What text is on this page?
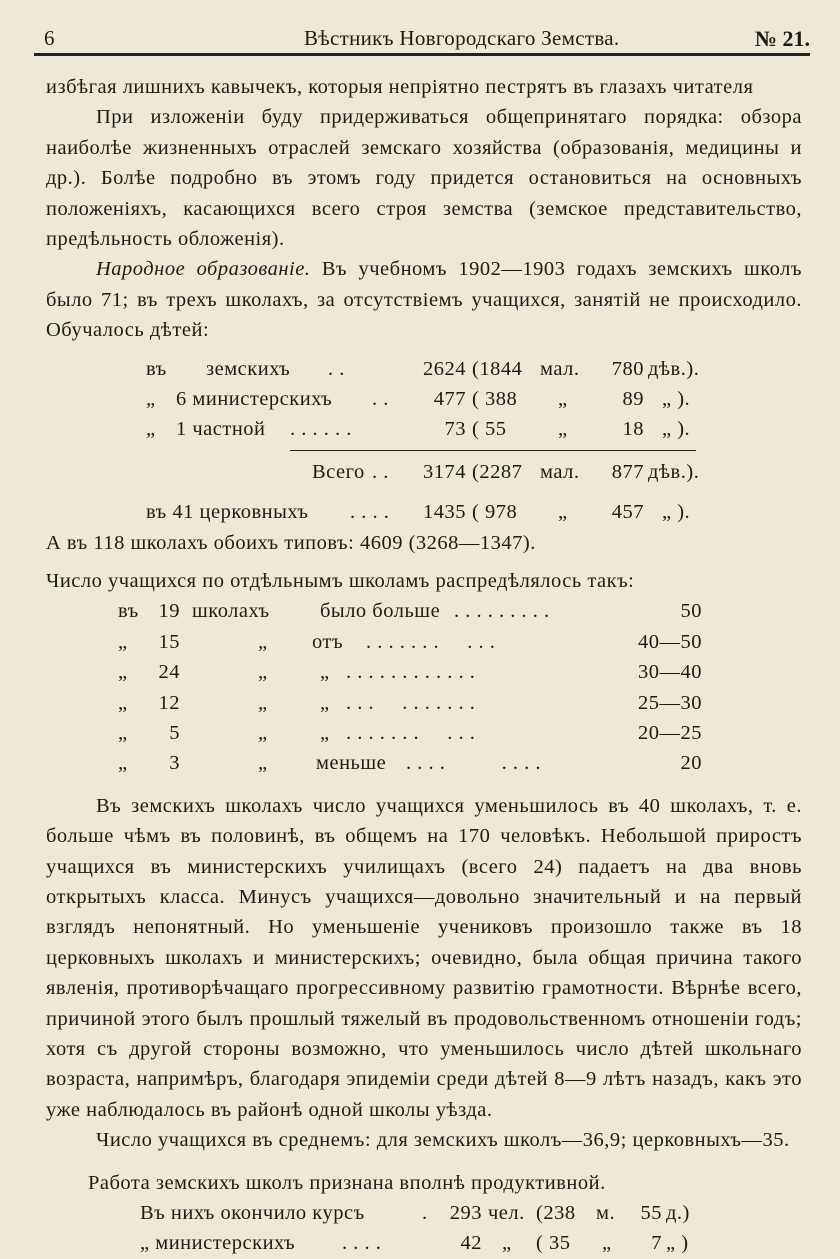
6	Вѣстникъ Новгородскаго Земства.	№ 21.

избѣгая лишнихъ кавычекъ, которыя непріятно пестрятъ въ глазахъ читателя

При изложеніи буду придерживаться общепринятаго порядка: обзора наиболѣе жизненныхъ отраслей земскаго хозяйства (образованія, медицины и др.). Болѣе подробно въ этомъ году придется остановиться на основныхъ положеніяхъ, касающихся всего строя земства (земское представительство, предѣльность обложенія).

Народное образованіе. Въ учебномъ 1902—1903 годахъ земскихъ школъ было 71; въ трехъ школахъ, за отсутствіемъ учащихся, занятій не происходило. Обучалось дѣтей:

въ земскихъ . .	2624 (1844 мал.	780 дѣв.).
„ 6 министерскихъ . .	477 ( 388 „	89 „ ).
„ 1 частной . . . . . .	73 ( 55	„	18 „ ).
Всего . .	3174 (2287 мал.	877 дѣв.).
въ 41 церковныхъ . . . .	1435 ( 978 „	457 „ ).

А въ 118 школахъ обоихъ типовъ: 4609 (3268—1347).

Число учащихся по отдѣльнымъ школамъ распредѣлялось такъ:

въ 19 школахъ было больше . . . . . . . . .	50
„	15	„ отъ . . . . . . .     . . .	40—50
„	24	„	„ . . . . . . . . . . . .	30—40
„	12	„	„ . . .     . . . . . . .	25—30
„	5	„	„ . . . . . . .     . . .	20—25
„	3	„ меньше . . . .          . . . .	20

Въ земскихъ школахъ число учащихся уменьшилось въ 40 школахъ, т. е. больше чѣмъ въ половинѣ, въ общемъ на 170 человѣкъ. Небольшой приростъ учащихся въ министерскихъ училищахъ (всего 24) падаетъ на два вновь открытыхъ класса. Минусъ учащихся—довольно значительный и на первый взглядъ непонятный. Но уменьшеніе учениковъ произошло также въ 18 церковныхъ школахъ и министерскихъ; очевидно, была общая причина такого явленія, противорѣчащаго прогрессивному развитію грамотности. Вѣрнѣе всего, причиной этого былъ прошлый тяжелый въ продовольственномъ отношеніи годъ; хотя съ другой стороны возможно, что уменьшилось число дѣтей школьнаго возраста, напримѣръ, благодаря эпидеміи среди дѣтей 8—9 лѣтъ назадъ, какъ это уже наблюдалось въ районѣ одной школы уѣзда.

Число учащихся въ среднемъ: для земскихъ школъ—36,9; церковныхъ—35.

Работа земскихъ школъ признана вполнѣ продуктивной.

Въ нихъ окончило курсъ	.	293 чел. (238 м.	55 д.)
„ министерскихъ . . . .	42 „ ( 35 „	7 „ )
